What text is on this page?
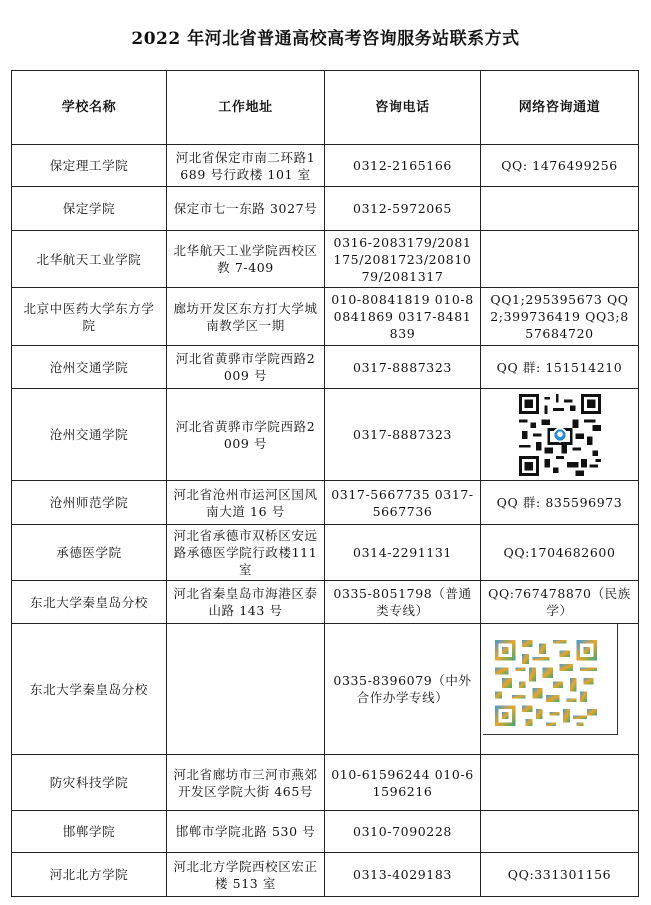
2022 年河北省普通高校高考咨询服务站联系方式
学校名称	工作地址	咨询电话	网络咨询通道
保定理工学院	河北省保定市南二环路1689 号行政楼 101 室	0312-2165166	QQ: 1476499256
保定学院	保定市七一东路 3027号	0312-5972065	
北华航天工业学院	北华航天工业学院西校区教 7-409	0316-2083179/2081175/2081723/2081079/2081317	
北京中医药大学东方学院	廊坊开发区东方打大学城南教学区一期	010-80841819 010-80841869 0317-8481839	QQ1;295395673 QQ2;399736419 QQ3;857684720
沧州交通学院	河北省黄骅市学院西路2009 号	0317-8887323	QQ 群: 151514210
沧州交通学院	河北省黄骅市学院西路2009 号	0317-8887323	

沧州师范学院	河北省沧州市运河区国风南大道 16 号	0317-5667735 0317-5667736	QQ 群: 835596973
承德医学院	河北省承德市双桥区安远路承德医学院行政楼111 室	0314-2291131	QQ:1704682600
东北大学秦皇岛分校	河北省秦皇岛市海港区泰山路 143 号	0335-8051798（普通类专线）	QQ:767478870（民族学）
东北大学秦皇岛分校		0335-8396079（中外合作办学专线）	

防灾科技学院	河北省廊坊市三河市燕郊开发区学院大街 465号	010-61596244 010-61596216	
邯郸学院	邯郸市学院北路 530 号	0310-7090228	
河北北方学院	河北北方学院西校区宏正楼 513 室	0313-4029183	QQ:331301156
